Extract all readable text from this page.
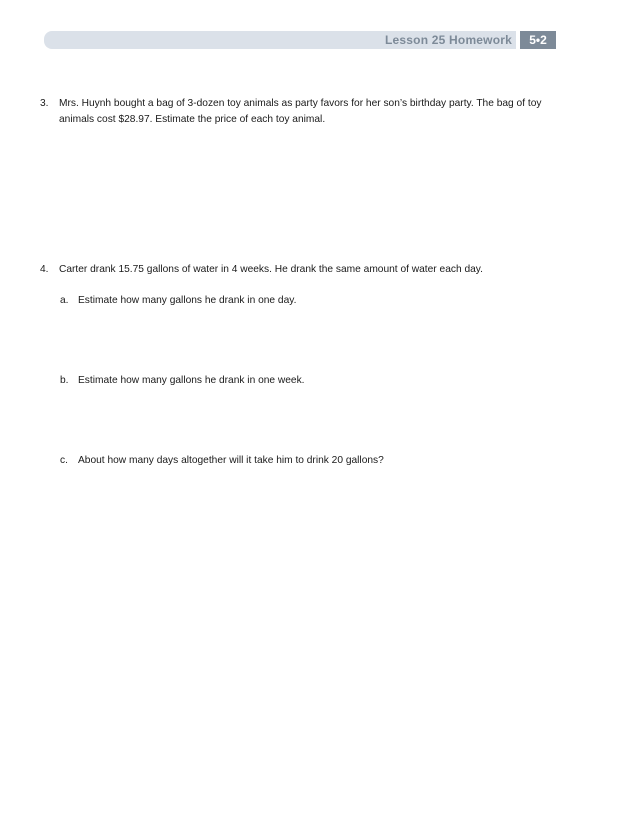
Lesson 25 Homework	5•2
3. Mrs. Huynh bought a bag of 3-dozen toy animals as party favors for her son’s birthday party. The bag of toy animals cost $28.97. Estimate the price of each toy animal.
4. Carter drank 15.75 gallons of water in 4 weeks. He drank the same amount of water each day.
a. Estimate how many gallons he drank in one day.
b. Estimate how many gallons he drank in one week.
c. About how many days altogether will it take him to drink 20 gallons?
